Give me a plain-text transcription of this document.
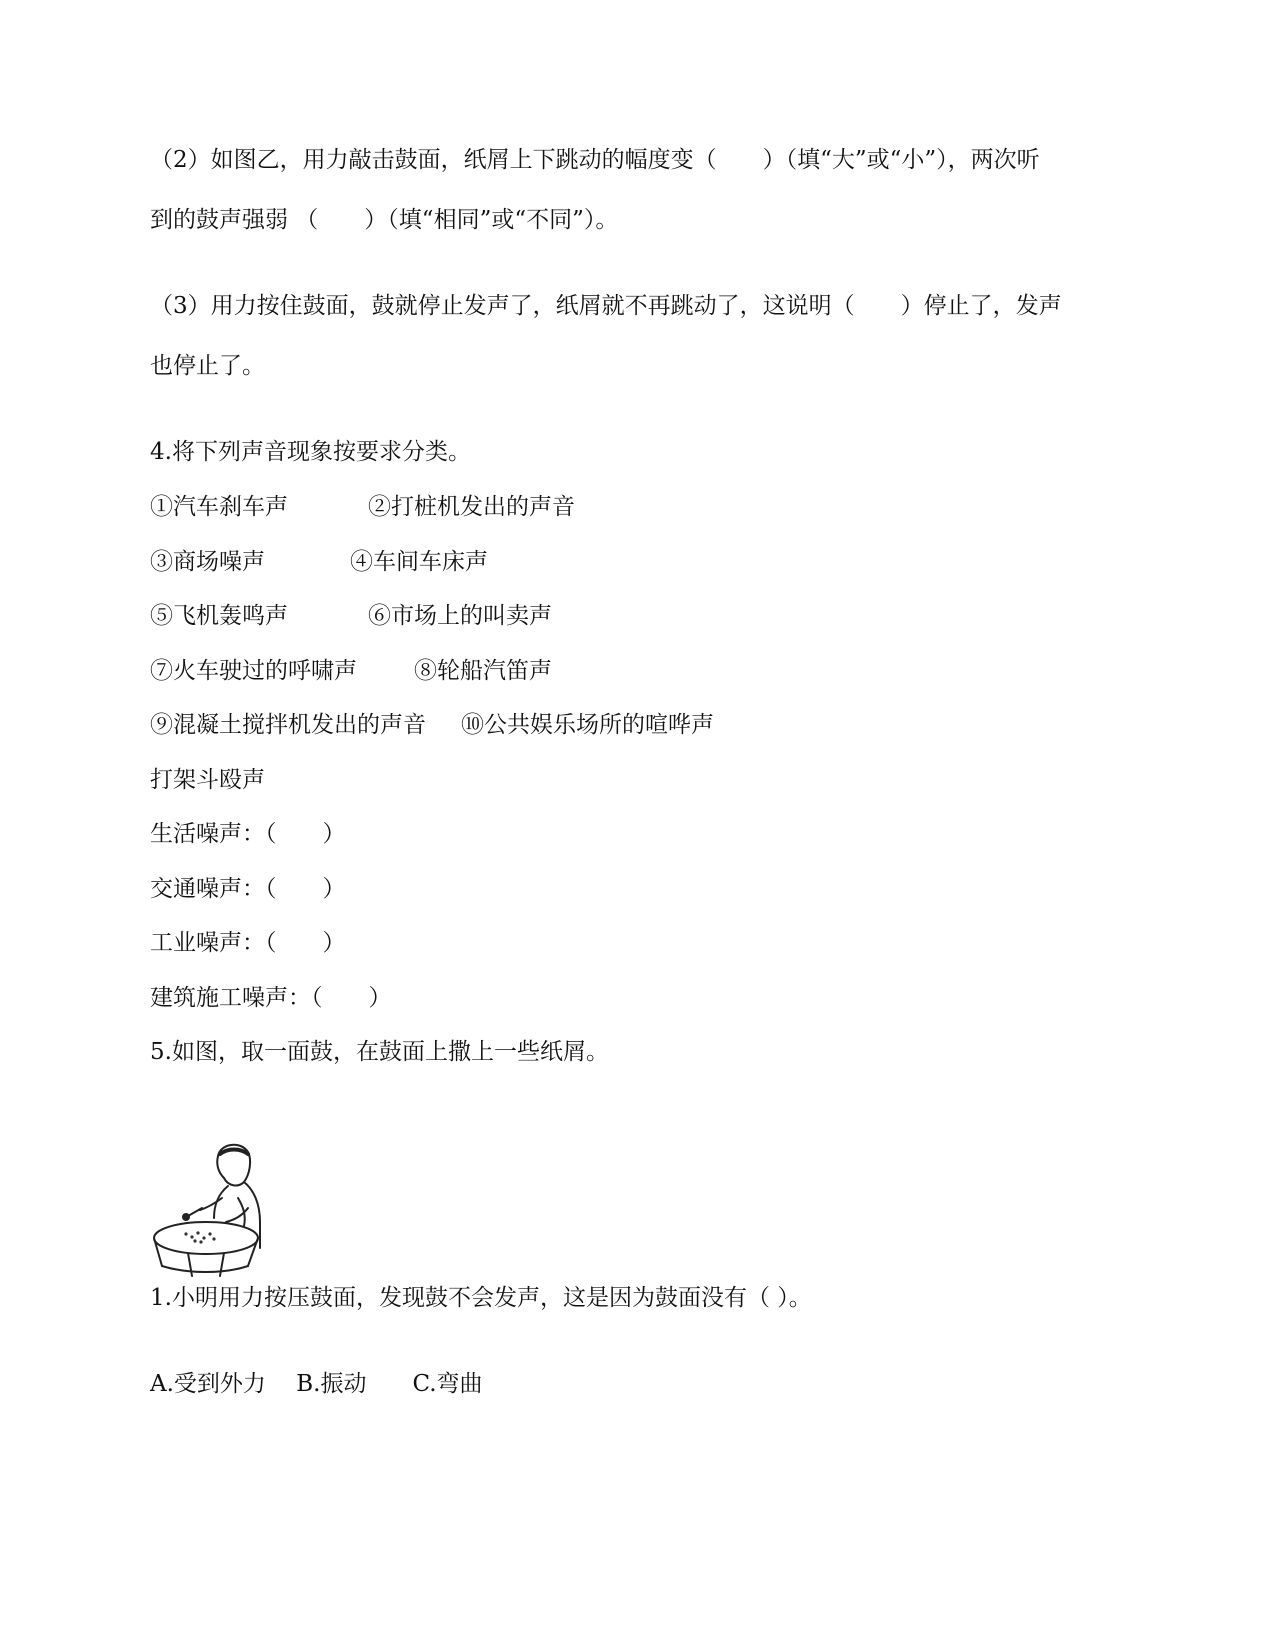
（2）如图乙，用力敲击鼓面，纸屑上下跳动的幅度变（　　）（填“大”或“小”），两次听
到的鼓声强弱 （　　）（填“相同”或“不同”）。
（3）用力按住鼓面，鼓就停止发声了，纸屑就不再跳动了，这说明（　　）停止了，发声
也停止了。
4.将下列声音现象按要求分类。
①汽车刹车声	②打桩机发出的声音
③商场噪声	④车间车床声
⑤飞机轰鸣声	⑥市场上的叫卖声
⑦火车驶过的呼啸声 ⑧轮船汽笛声
⑨混凝土搅拌机发出的声音 ⑩公共娱乐场所的喧哗声
打架斗殴声
生活噪声：（　　）
交通噪声：（　　）
工业噪声：（　　）
建筑施工噪声：（　　）
5.如图，取一面鼓，在鼓面上撒上一些纸屑。
1.小明用力按压鼓面，发现鼓不会发声，这是因为鼓面没有（ ）。
A.受到外力　 B.振动　　C.弯曲
